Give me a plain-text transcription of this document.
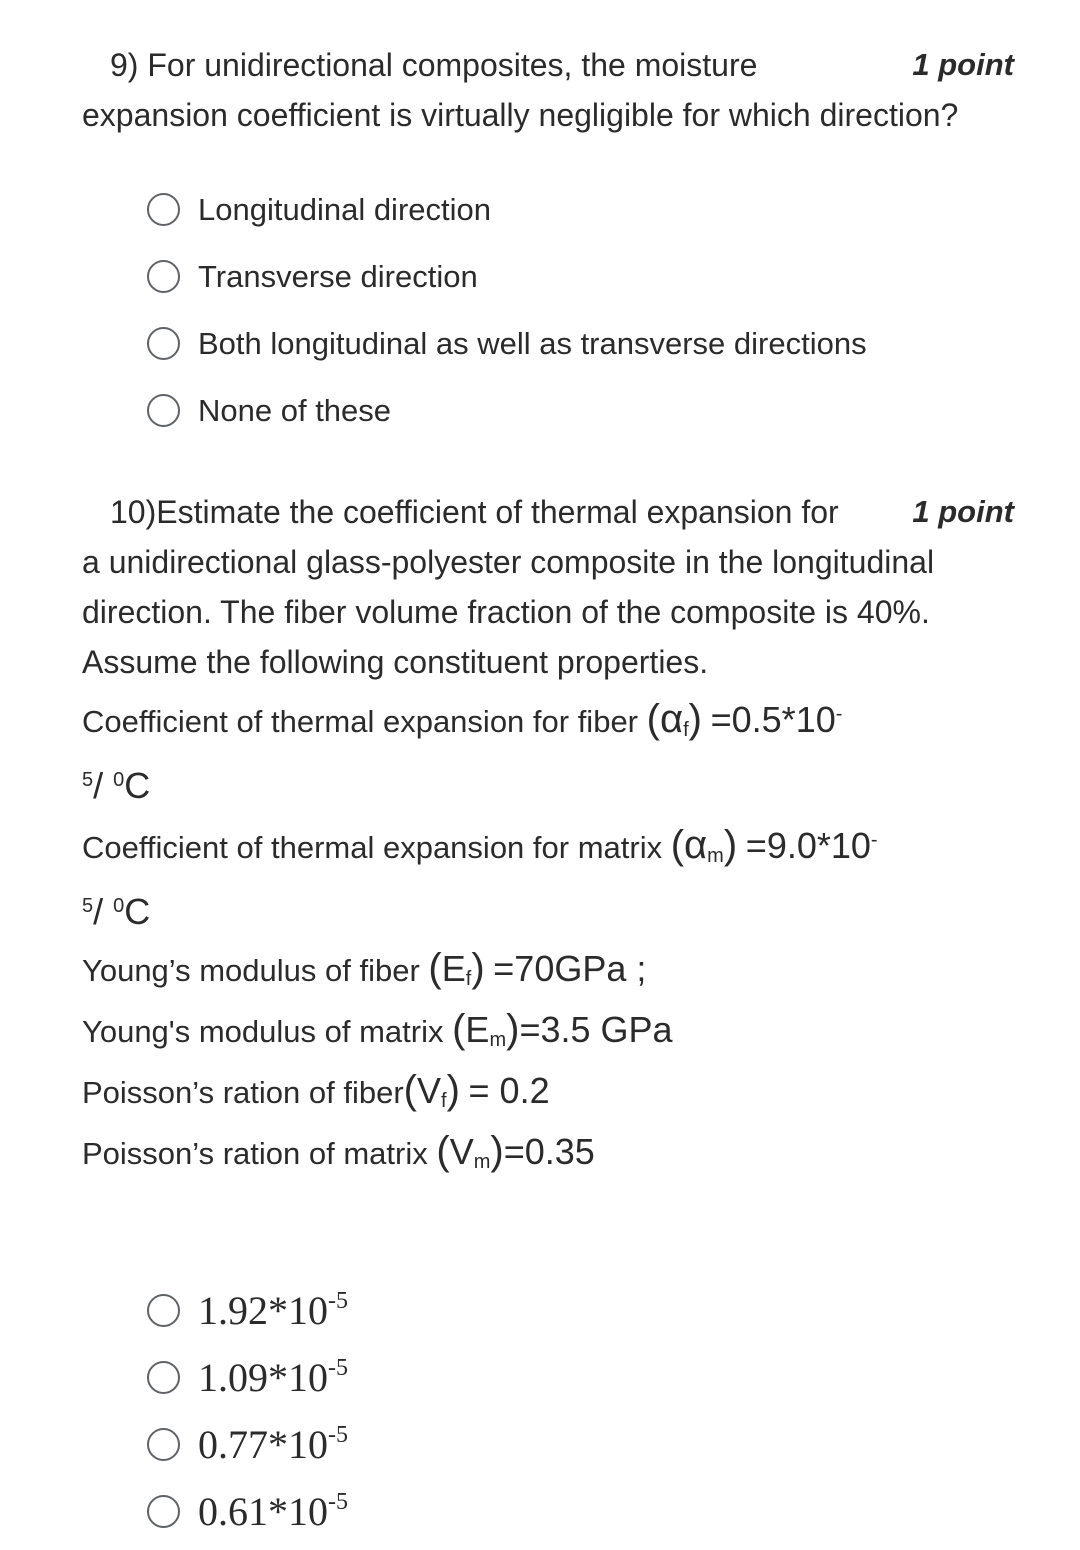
9) For unidirectional composites, the moisture	1 point
expansion coefficient is virtually negligible for which direction?
Longitudinal direction
Transverse direction
Both longitudinal as well as transverse directions
None of these
10)Estimate the coefficient of thermal expansion for 1 point
a unidirectional glass-polyester composite in the longitudinal
direction. The fiber volume fraction of the composite is 40%.
Assume the following constituent properties.
Coefficient of thermal expansion for fiber $(\alpha_f) =0.5*10^-$
$^5$/ $^0$C
Coefficient of thermal expansion for matrix $(\alpha_m) =9.0*10^-$
$^5$/ $^0$C
Young’s modulus of fiber $(E_f) =70GPa$ ;
Young's modulus of matrix $(E_m)=3.5$ GPa
Poisson’s ration of $fiber(V_f) = 0.2$
Poisson’s ration of matrix $(V_m)=0.35$
$1.92*10^{-5}$
$1.09*10^{-5}$
$0.77*10^{-5}$
$0.61*10^{-5}$
